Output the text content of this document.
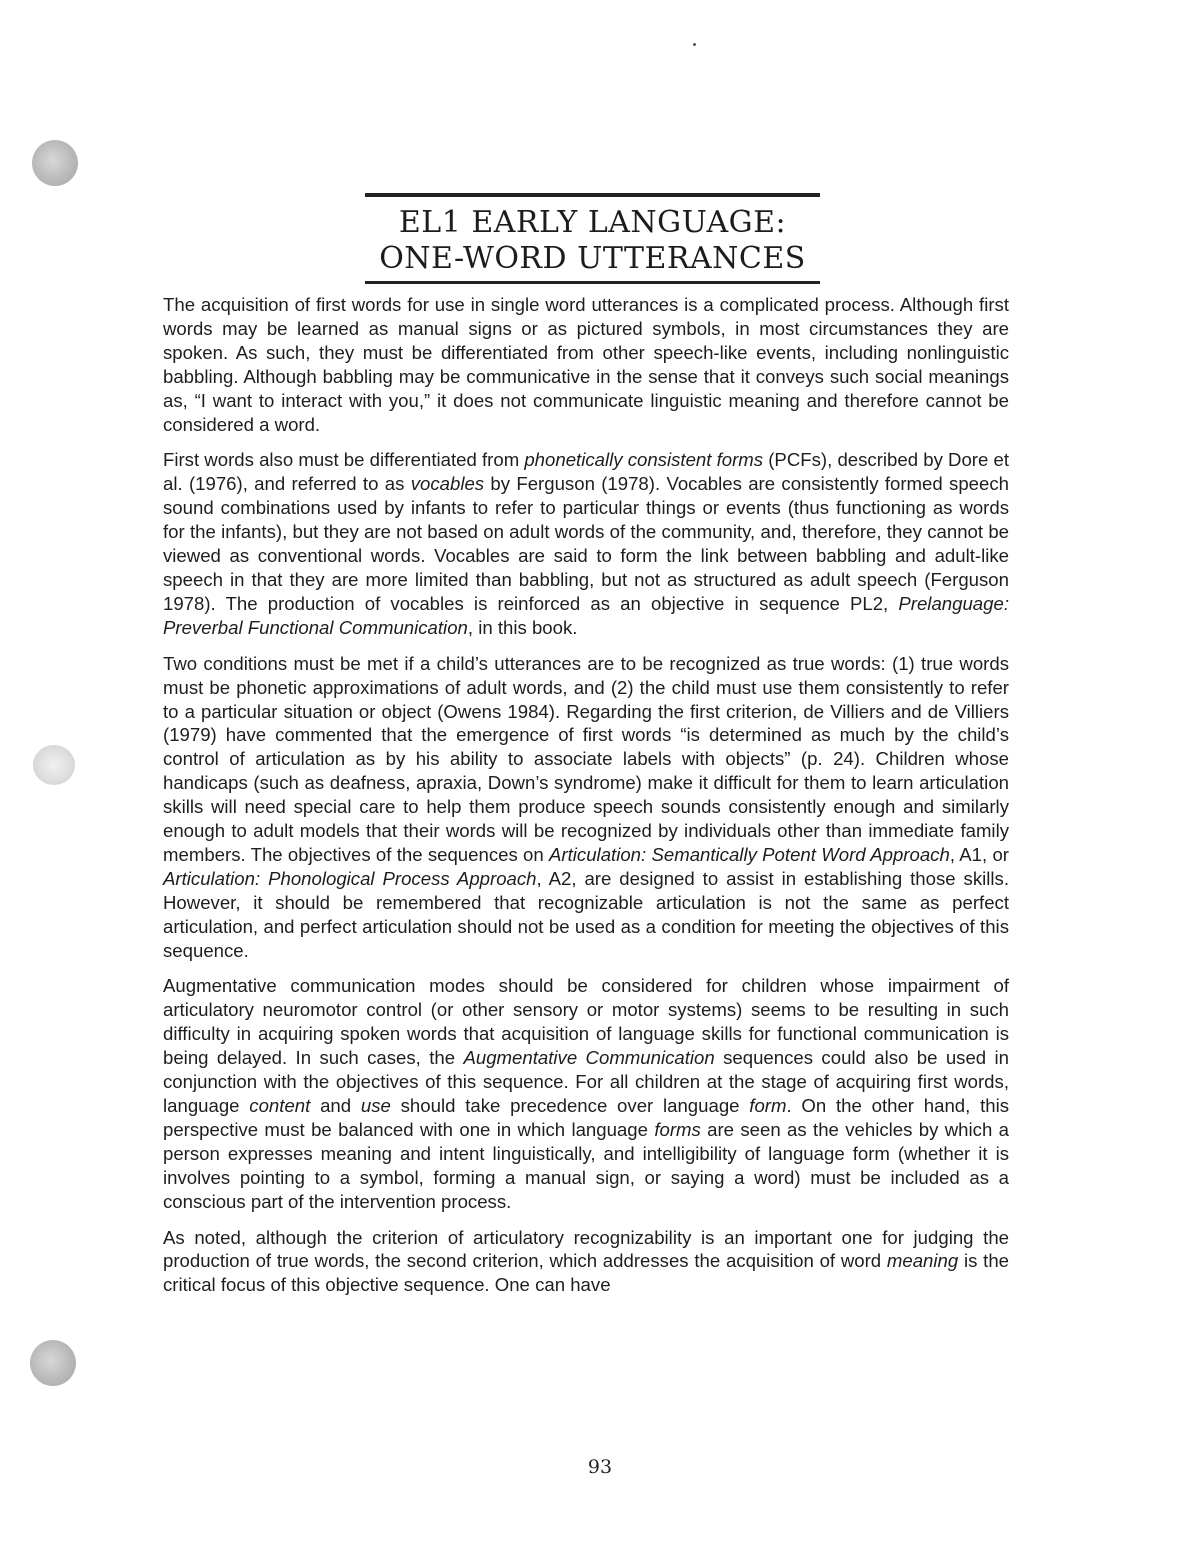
EL1 EARLY LANGUAGE:
ONE-WORD UTTERANCES

The acquisition of first words for use in single word utterances is a complicated process. Although first words may be learned as manual signs or as pictured symbols, in most circumstances they are spoken. As such, they must be differentiated from other speech-like events, including nonlinguistic babbling. Although babbling may be communicative in the sense that it conveys such social meanings as, “I want to interact with you,” it does not communicate linguistic meaning and therefore cannot be considered a word.

First words also must be differentiated from phonetically consistent forms (PCFs), described by Dore et al. (1976), and referred to as vocables by Ferguson (1978). Vocables are consistently formed speech sound combinations used by infants to refer to particular things or events (thus functioning as words for the infants), but they are not based on adult words of the community, and, therefore, they cannot be viewed as conventional words. Vocables are said to form the link between babbling and adult-like speech in that they are more limited than babbling, but not as structured as adult speech (Ferguson 1978). The production of vocables is reinforced as an objective in sequence PL2, Prelanguage: Preverbal Functional Communication, in this book.

Two conditions must be met if a child’s utterances are to be recognized as true words: (1) true words must be phonetic approximations of adult words, and (2) the child must use them consistently to refer to a particular situation or object (Owens 1984). Regarding the first criterion, de Villiers and de Villiers (1979) have commented that the emergence of first words “is determined as much by the child’s control of articulation as by his ability to associate labels with objects” (p. 24). Children whose handicaps (such as deafness, apraxia, Down’s syndrome) make it difficult for them to learn articulation skills will need special care to help them produce speech sounds consistently enough and similarly enough to adult models that their words will be recognized by individuals other than immediate family members. The objectives of the sequences on Articulation: Semantically Potent Word Approach, A1, or Articulation: Phonological Process Approach, A2, are designed to assist in establishing those skills. However, it should be remembered that recognizable articulation is not the same as perfect articulation, and perfect articulation should not be used as a condition for meeting the objectives of this sequence.

Augmentative communication modes should be considered for children whose impairment of articulatory neuromotor control (or other sensory or motor systems) seems to be resulting in such difficulty in acquiring spoken words that acquisition of language skills for functional communication is being delayed. In such cases, the Augmentative Communication sequences could also be used in conjunction with the objectives of this sequence. For all children at the stage of acquiring first words, language content and use should take precedence over language form. On the other hand, this perspective must be balanced with one in which language forms are seen as the vehicles by which a person expresses meaning and intent linguistically, and intelligibility of language form (whether it is involves pointing to a symbol, forming a manual sign, or saying a word) must be included as a conscious part of the intervention process.

As noted, although the criterion of articulatory recognizability is an important one for judging the production of true words, the second criterion, which addresses the acquisition of word meaning is the critical focus of this objective sequence. One can have

93
